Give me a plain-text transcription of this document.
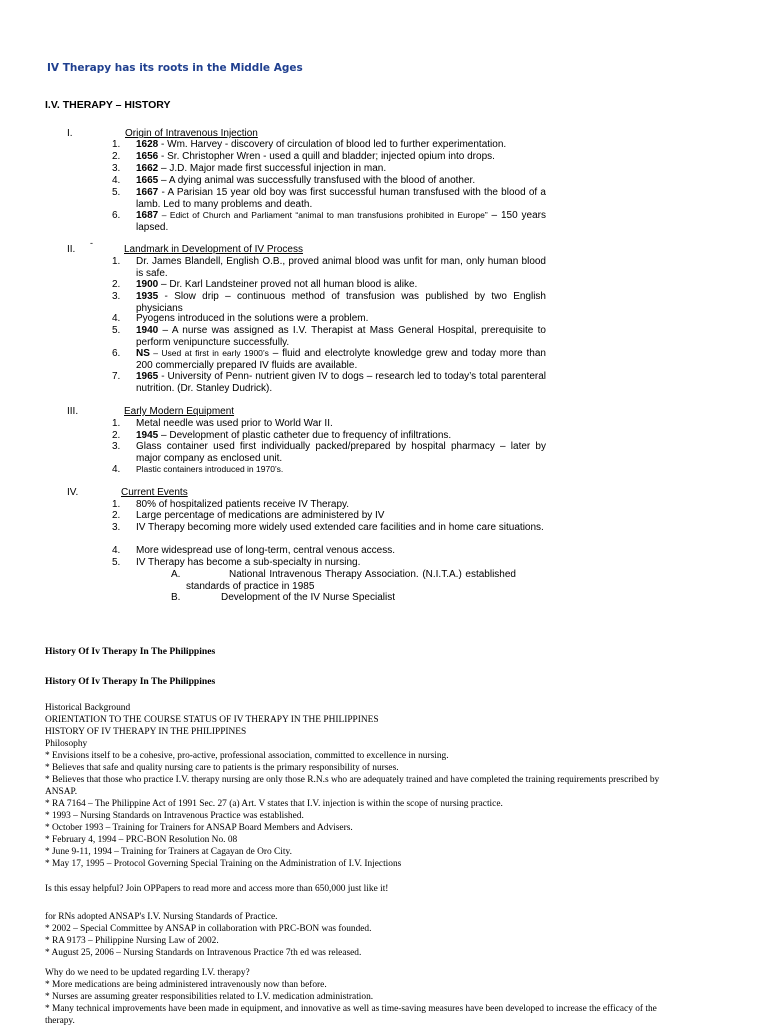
IV Therapy has its roots in the Middle Ages
I.V. THERAPY – HISTORY
-
I.	Origin of Intravenous Injection
1.	1628 - Wm. Harvey - discovery of circulation of blood led to further experimentation.
2.	1656 - Sr. Christopher Wren - used a quill and bladder; injected opium into drops.
3.	1662 – J.D. Major made first successful injection in man.
4.	1665 – A dying animal was successfully transfused with the blood of another.
5.	1667 - A Parisian 15 year old boy was first successful human transfused with the blood of a lamb. Led to many problems and death.
6.	1687 – Edict of Church and Parliament “animal to man transfusions prohibited in Europe” – 150 years lapsed.
II.	Landmark in Development of IV Process
1.	Dr. James Blandell, English O.B., proved animal blood was unfit for man, only human blood is safe.
2.	1900 – Dr. Karl Landsteiner proved not all human blood is alike.
3.	1935 - Slow drip – continuous method of transfusion was published by two English physicians
4.	Pyogens introduced in the solutions were a problem.
5.	1940 – A nurse was assigned as I.V. Therapist at Mass General Hospital, prerequisite to perform venipuncture successfully.
6.	NS – Used at first in early 1900’s – fluid and electrolyte knowledge grew and today more than 200 commercially prepared IV fluids are available.
7.	1965 - University of Penn- nutrient given IV to dogs – research led to today’s total parenteral nutrition. (Dr. Stanley Dudrick).
III.	Early Modern Equipment
1.	Metal needle was used prior to World War II.
2.	1945 – Development of plastic catheter due to frequency of infiltrations.
3.	Glass container used first individually packed/prepared by hospital pharmacy – later by major company as enclosed unit.
4.	Plastic containers introduced in 1970’s.
IV.	Current Events
1.	80% of hospitalized patients receive IV Therapy.
2.	Large percentage of medications are administered by IV
3.	IV Therapy becoming more widely used extended care facilities and in home care situations.
4.	More widespread use of long-term, central venous access.
5.	IV Therapy has become a sub-specialty in nursing.
A.	National Intravenous Therapy Association. (N.I.T.A.) established standards of practice in 1985
B.	Development of the IV Nurse Specialist
History Of Iv Therapy In The Philippines
History Of Iv Therapy In The Philippines
Historical Background
ORIENTATION TO THE COURSE STATUS OF IV THERAPY IN THE PHILIPPINES
HISTORY OF IV THERAPY IN THE PHILIPPINES
Philosophy
* Envisions itself to be a cohesive, pro-active, professional association, committed to excellence in nursing.
* Believes that safe and quality nursing care to patients is the primary responsibility of nurses.
* Believes that those who practice I.V. therapy nursing are only those R.N.s who are adequately trained and have completed the training requirements prescribed by
ANSAP.
* RA 7164 – The Philippine Act of 1991 Sec. 27 (a) Art. V states that I.V. injection is within the scope of nursing practice.
* 1993 – Nursing Standards on Intravenous Practice was established.
* October 1993 – Training for Trainers for ANSAP Board Members and Advisers.
* February 4, 1994 – PRC-BON Resolution No. 08
* June 9-11, 1994 – Training for Trainers at Cagayan de Oro City.
* May 17, 1995 – Protocol Governing Special Training on the Administration of I.V. Injections
Is this essay helpful? Join OPPapers to read more and access more than 650,000 just like it!
for RNs adopted ANSAP's I.V. Nursing Standards of Practice.
* 2002 – Special Committee by ANSAP in collaboration with PRC-BON was founded.
* RA 9173 – Philippine Nursing Law of 2002.
* August 25, 2006 – Nursing Standards on Intravenous Practice 7th ed was released.
Why do we need to be updated regarding I.V. therapy?
* More medications are being administered intravenously now than before.
* Nurses are assuming greater responsibilities related to I.V. medication administration.
* Many technical improvements have been made in equipment, and innovative as well as time-saving measures have been developed to increase the efficacy of the
therapy.
